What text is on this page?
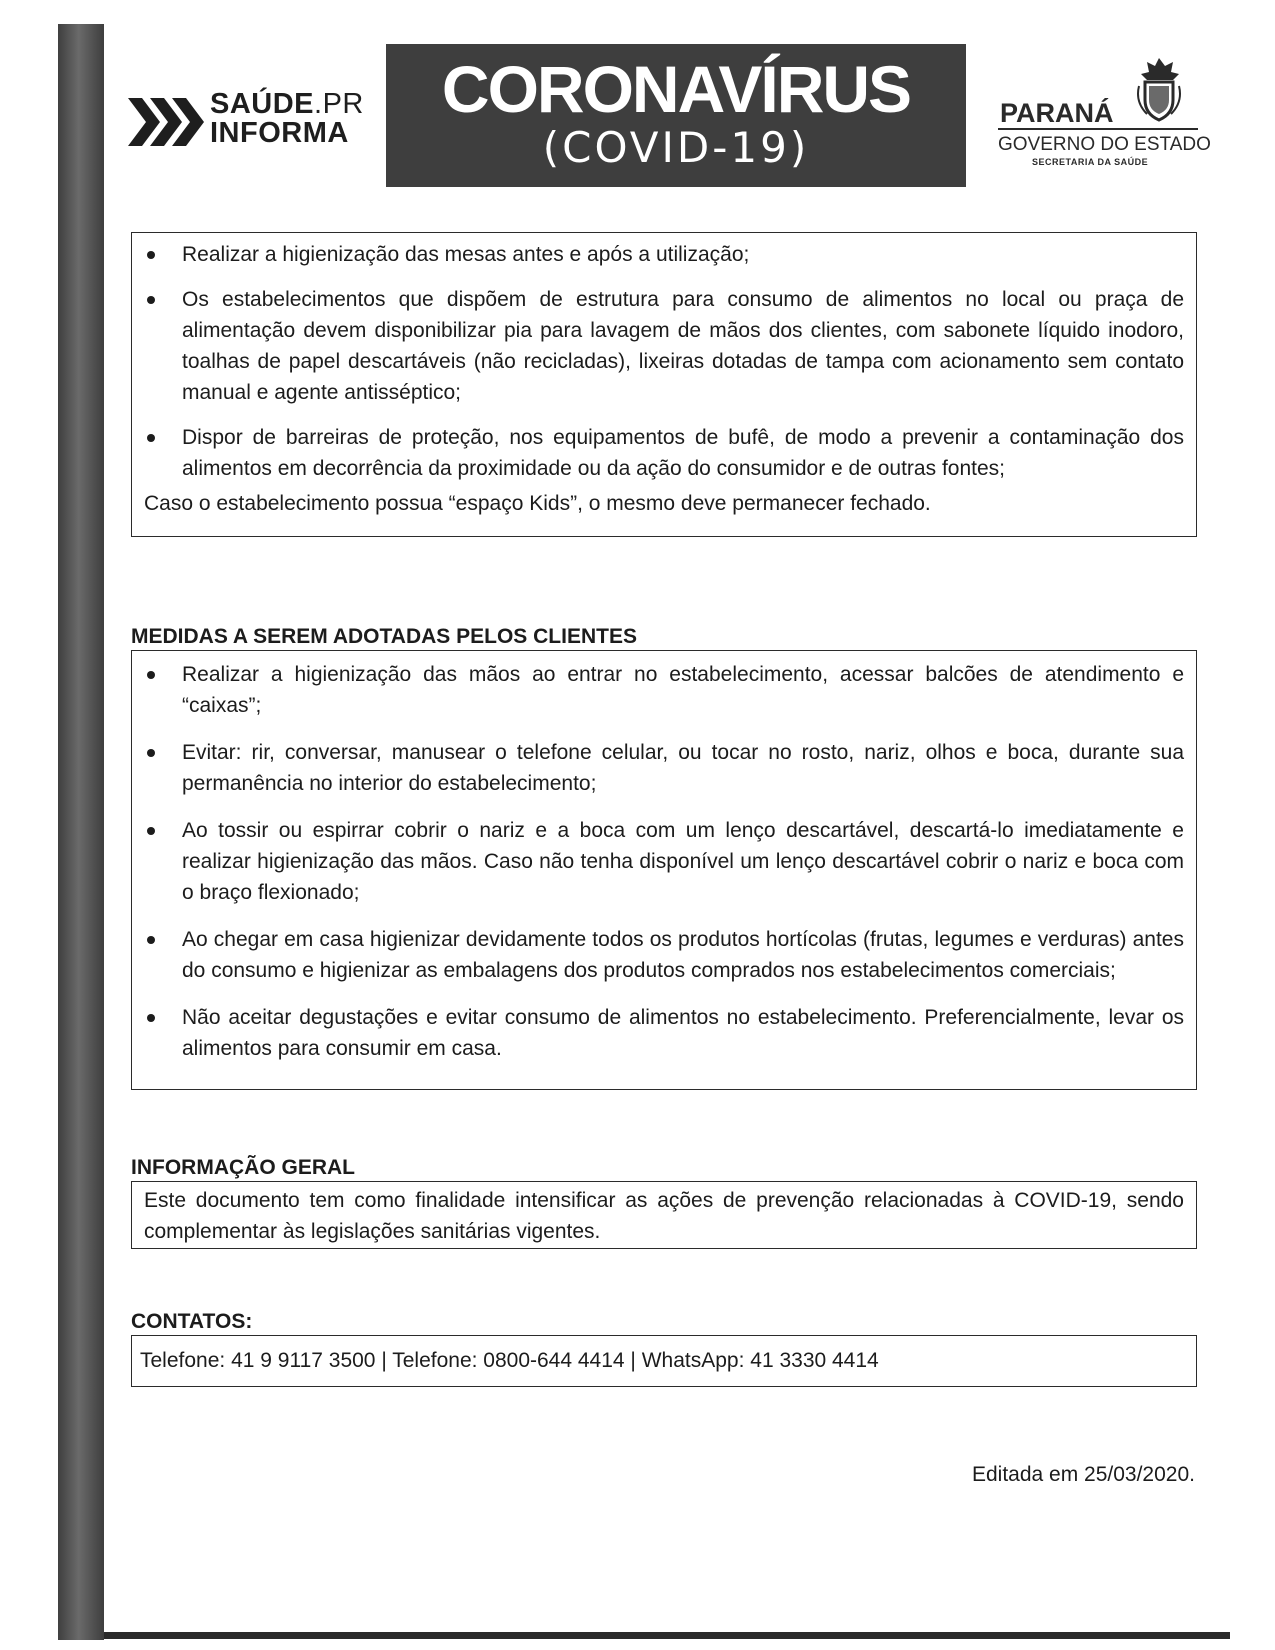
SAÚDE.PR
INFORMA
CORONAVÍRUS
(COVID-19)
PARANÁ
GOVERNO DO ESTADO
SECRETARIA DA SAÚDE
Realizar a higienização das mesas antes e após a utilização;
Os estabelecimentos que dispõem de estrutura para consumo de alimentos no local ou praça de alimentação devem disponibilizar pia para lavagem de mãos dos clientes, com sabonete líquido inodoro, toalhas de papel descartáveis (não recicladas), lixeiras dotadas de tampa com acionamento sem contato manual e agente antisséptico;
Dispor de barreiras de proteção, nos equipamentos de bufê, de modo a prevenir a contaminação dos alimentos em decorrência da proximidade ou da ação do consumidor e de outras fontes;
Caso o estabelecimento possua “espaço Kids”, o mesmo deve permanecer fechado.
MEDIDAS A SEREM ADOTADAS PELOS CLIENTES
Realizar a higienização das mãos ao entrar no estabelecimento, acessar balcões de atendimento e “caixas”;
Evitar: rir, conversar, manusear o telefone celular, ou tocar no rosto, nariz, olhos e boca, durante sua permanência no interior do estabelecimento;
Ao tossir ou espirrar cobrir o nariz e a boca com um lenço descartável, descartá-lo imediatamente e realizar higienização das mãos. Caso não tenha disponível um lenço descartável cobrir o nariz e boca com o braço flexionado;
Ao chegar em casa higienizar devidamente todos os produtos hortícolas (frutas, legumes e verduras) antes do consumo e higienizar as embalagens dos produtos comprados nos estabelecimentos comerciais;
Não aceitar degustações e evitar consumo de alimentos no estabelecimento. Preferencialmente, levar os alimentos para consumir em casa.
INFORMAÇÃO GERAL
Este documento tem como finalidade intensificar as ações de prevenção relacionadas à COVID-19, sendo complementar às legislações sanitárias vigentes.
CONTATOS:
Telefone: 41 9 9117 3500 | Telefone: 0800-644 4414 | WhatsApp: 41 3330 4414
Editada em 25/03/2020.
